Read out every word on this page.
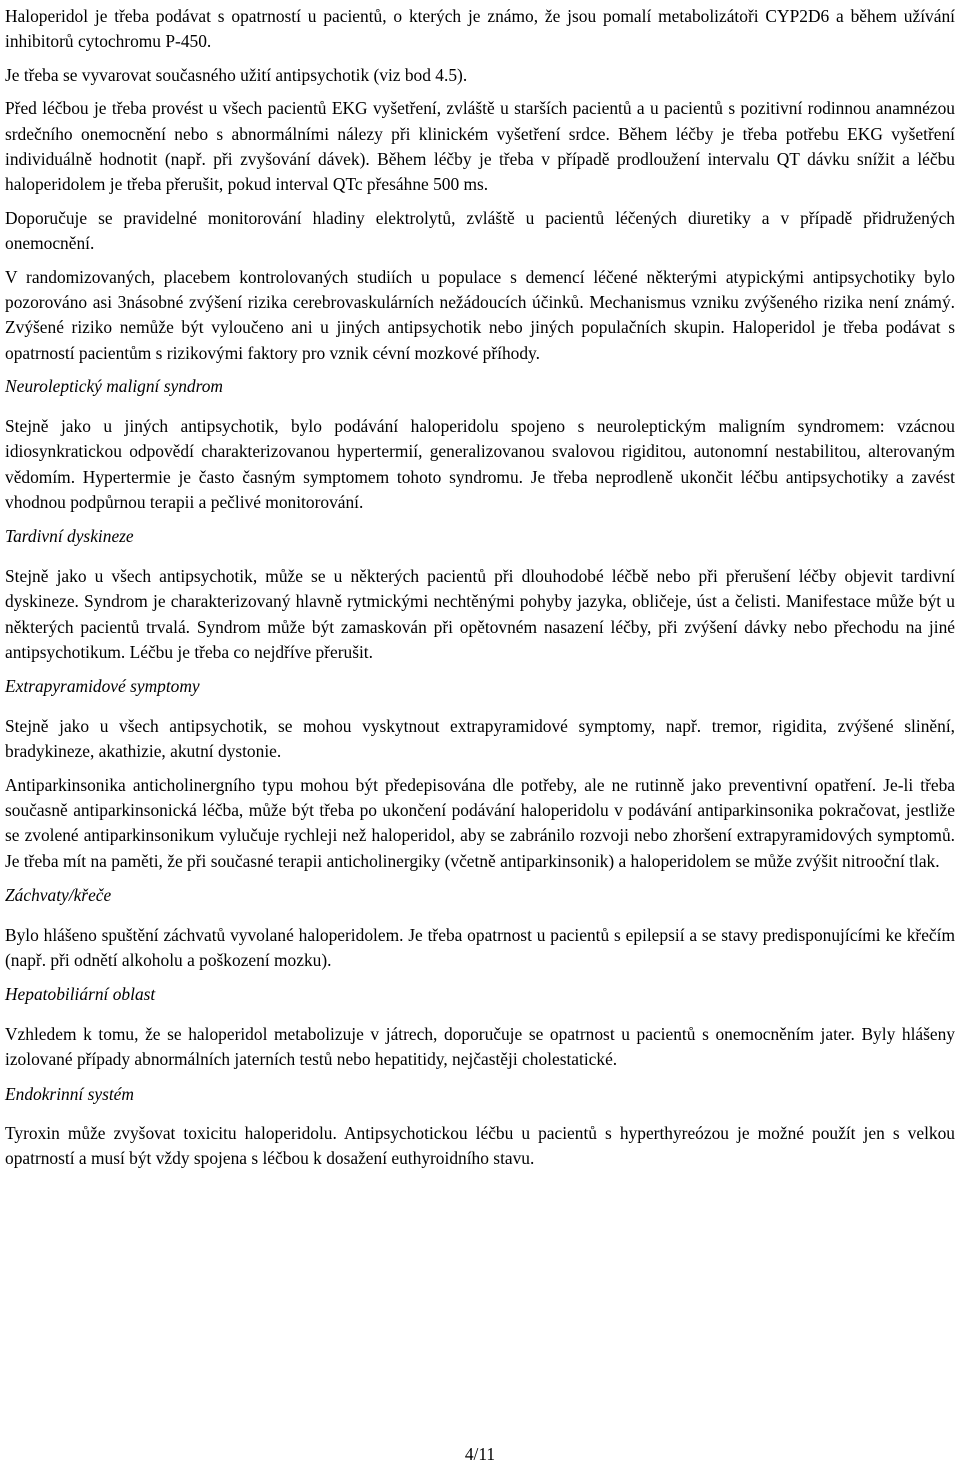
Haloperidol je třeba podávat s opatrností u pacientů, o kterých je známo, že jsou pomalí metabolizátoři CYP2D6 a během užívání inhibitorů cytochromu P-450.

Je třeba se vyvarovat současného užití antipsychotik (viz bod 4.5).

Před léčbou je třeba provést u všech pacientů EKG vyšetření, zvláště u starších pacientů a u pacientů s pozitivní rodinnou anamnézou srdečního onemocnění nebo s abnormálními nálezy při klinickém vyšetření srdce. Během léčby je třeba potřebu EKG vyšetření individuálně hodnotit (např. při zvyšování dávek). Během léčby je třeba v případě prodloužení intervalu QT dávku snížit a léčbu haloperidolem je třeba přerušit, pokud interval QTc přesáhne 500 ms.

Doporučuje se pravidelné monitorování hladiny elektrolytů, zvláště u pacientů léčených diuretiky a v případě přidružených onemocnění.

V randomizovaných, placebem kontrolovaných studiích u populace s demencí léčené některými atypickými antipsychotiky bylo pozorováno asi 3násobné zvýšení rizika cerebrovaskulárních nežádoucích účinků. Mechanismus vzniku zvýšeného rizika není známý. Zvýšené riziko nemůže být vyloučeno ani u jiných antipsychotik nebo jiných populačních skupin. Haloperidol je třeba podávat s opatrností pacientům s rizikovými faktory pro vznik cévní mozkové příhody.

Neuroleptický maligní syndrom

Stejně jako u jiných antipsychotik, bylo podávání haloperidolu spojeno s neuroleptickým maligním syndromem: vzácnou idiosynkratickou odpovědí charakterizovanou hypertermií, generalizovanou svalovou rigiditou, autonomní nestabilitou, alterovaným vědomím. Hypertermie je často časným symptomem tohoto syndromu. Je třeba neprodleně ukončit léčbu antipsychotiky a zavést vhodnou podpůrnou terapii a pečlivé monitorování.

Tardivní dyskineze

Stejně jako u všech antipsychotik, může se u některých pacientů při dlouhodobé léčbě nebo při přerušení léčby objevit tardivní dyskineze. Syndrom je charakterizovaný hlavně rytmickými nechtěnými pohyby jazyka, obličeje, úst a čelisti. Manifestace může být u některých pacientů trvalá. Syndrom může být zamaskován při opětovném nasazení léčby, při zvýšení dávky nebo přechodu na jiné antipsychotikum. Léčbu je třeba co nejdříve přerušit.

Extrapyramidové symptomy

Stejně jako u všech antipsychotik, se mohou vyskytnout extrapyramidové symptomy, např. tremor, rigidita, zvýšené slinění, bradykineze, akathizie, akutní dystonie.

Antiparkinsonika anticholinergního typu mohou být předepisována dle potřeby, ale ne rutinně jako preventivní opatření. Je-li třeba současně antiparkinsonická léčba, může být třeba po ukončení podávání haloperidolu v podávání antiparkinsonika pokračovat, jestliže se zvolené antiparkinsonikum vylučuje rychleji než haloperidol, aby se zabránilo rozvoji nebo zhoršení extrapyramidových symptomů. Je třeba mít na paměti, že při současné terapii anticholinergiky (včetně antiparkinsonik) a haloperidolem se může zvýšit nitrooční tlak.

Záchvaty/křeče

Bylo hlášeno spuštění záchvatů vyvolané haloperidolem. Je třeba opatrnost u pacientů s epilepsií a se stavy predisponujícími ke křečím (např. při odnětí alkoholu a poškození mozku).

Hepatobiliární oblast

Vzhledem k tomu, že se haloperidol metabolizuje v játrech, doporučuje se opatrnost u pacientů s onemocněním jater. Byly hlášeny izolované případy abnormálních jaterních testů nebo hepatitidy, nejčastěji cholestatické.

Endokrinní systém

Tyroxin může zvyšovat toxicitu haloperidolu. Antipsychotickou léčbu u pacientů s hyperthyreózou je možné použít jen s velkou opatrností a musí být vždy spojena s léčbou k dosažení euthyroidního stavu.

4/11
